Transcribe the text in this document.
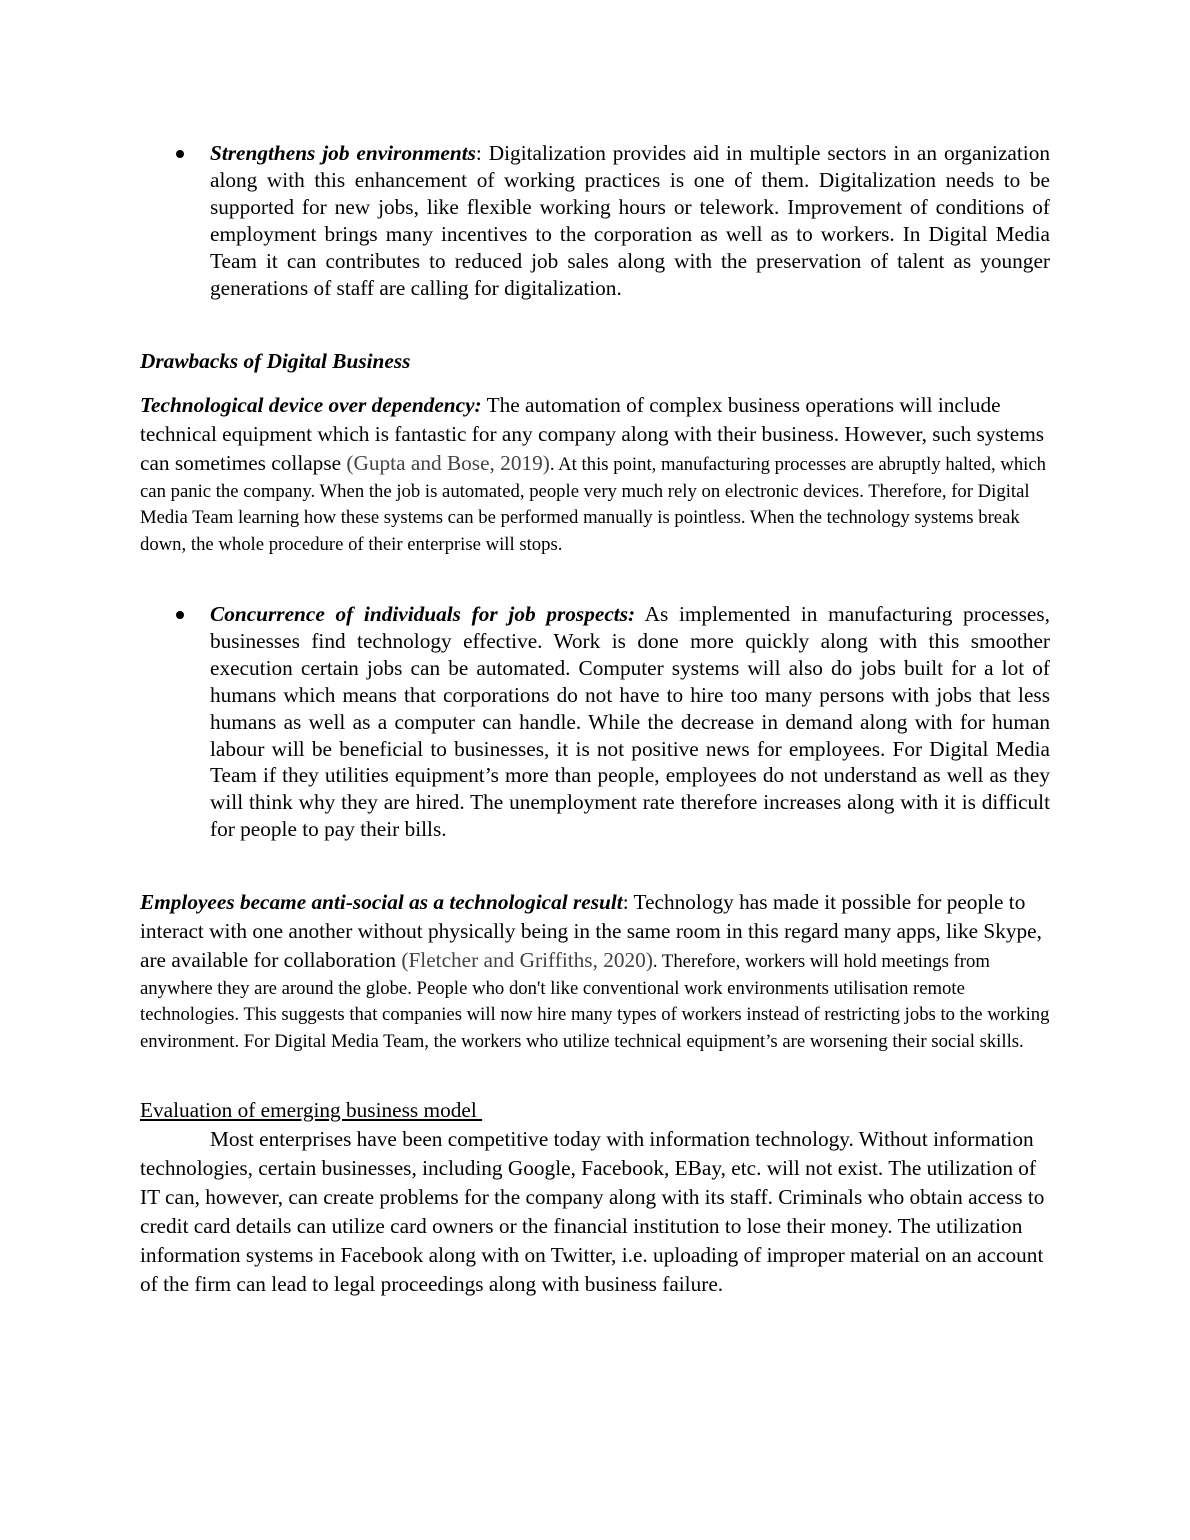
Strengthens job environments: Digitalization provides aid in multiple sectors in an organization along with this enhancement of working practices is one of them. Digitalization needs to be supported for new jobs, like flexible working hours or telework. Improvement of conditions of employment brings many incentives to the corporation as well as to workers. In Digital Media Team it can contributes to reduced job sales along with the preservation of talent as younger generations of staff are calling for digitalization.
Drawbacks of Digital Business
Technological device over dependency: The automation of complex business operations will include technical equipment which is fantastic for any company along with their business. However, such systems can sometimes collapse (Gupta and Bose, 2019). At this point, manufacturing processes are abruptly halted, which can panic the company. When the job is automated, people very much rely on electronic devices. Therefore, for Digital Media Team learning how these systems can be performed manually is pointless. When the technology systems break down, the whole procedure of their enterprise will stops.
Concurrence of individuals for job prospects: As implemented in manufacturing processes, businesses find technology effective. Work is done more quickly along with this smoother execution certain jobs can be automated. Computer systems will also do jobs built for a lot of humans which means that corporations do not have to hire too many persons with jobs that less humans as well as a computer can handle. While the decrease in demand along with for human labour will be beneficial to businesses, it is not positive news for employees. For Digital Media Team if they utilities equipment’s more than people, employees do not understand as well as they will think why they are hired. The unemployment rate therefore increases along with it is difficult for people to pay their bills.
Employees became anti-social as a technological result: Technology has made it possible for people to interact with one another without physically being in the same room in this regard many apps, like Skype, are available for collaboration (Fletcher and Griffiths, 2020). Therefore, workers will hold meetings from anywhere they are around the globe. People who don't like conventional work environments utilisation remote technologies. This suggests that companies will now hire many types of workers instead of restricting jobs to the working environment. For Digital Media Team, the workers who utilize technical equipment’s are worsening their social skills.
Evaluation of emerging business model
Most enterprises have been competitive today with information technology. Without information technologies, certain businesses, including Google, Facebook, EBay, etc. will not exist. The utilization of IT can, however, can create problems for the company along with its staff. Criminals who obtain access to credit card details can utilize card owners or the financial institution to lose their money. The utilization information systems in Facebook along with on Twitter, i.e. uploading of improper material on an account of the firm can lead to legal proceedings along with business failure.
